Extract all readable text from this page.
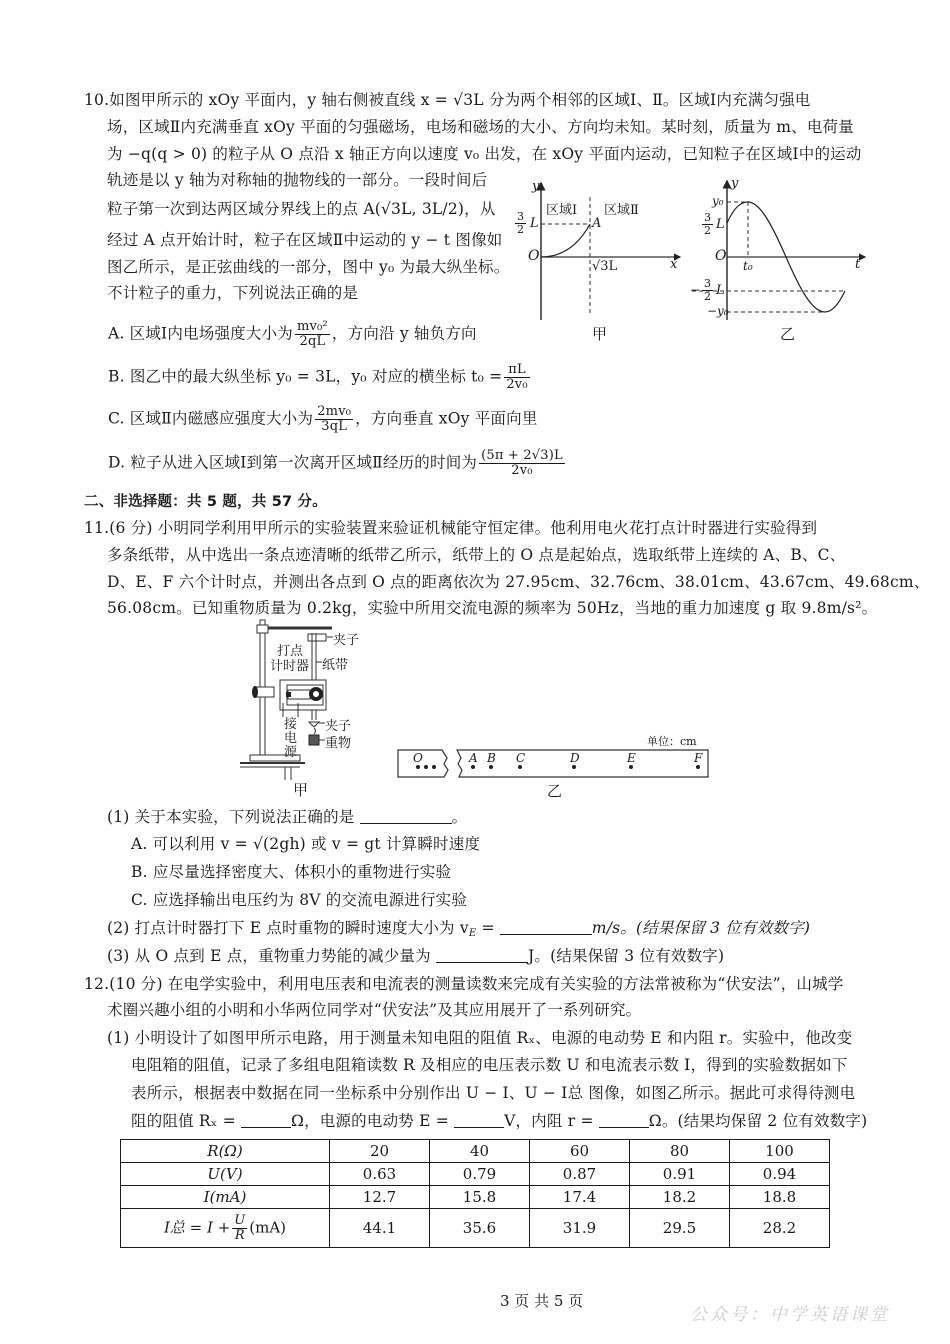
10.如图甲所示的 xOy 平面内，y 轴右侧被直线 x = √3L 分为两个相邻的区域Ⅰ、Ⅱ。区域Ⅰ内充满匀强电
场，区域Ⅱ内充满垂直 xOy 平面的匀强磁场，电场和磁场的大小、方向均未知。某时刻，质量为 m、电荷量
为 −q(q > 0) 的粒子从 O 点沿 x 轴正方向以速度 v₀ 出发，在 xOy 平面内运动，已知粒子在区域Ⅰ中的运动
轨迹是以 y 轴为对称轴的抛物线的一部分。一段时间后
粒子第一次到达两区域分界线上的点 A(√3L, 3L/2)，从
经过 A 点开始计时，粒子在区域Ⅱ中运动的 y − t 图像如
图乙所示，是正弦曲线的一部分，图中 y₀ 为最大纵坐标。
不计粒子的重力，下列说法正确的是
A. 区域Ⅰ内电场强度大小为 $\frac{\text{mv₀²}}{2qL}$ ，方向沿 y 轴负方向
B. 图乙中的最大纵坐标 y₀ = 3L，y₀ 对应的横坐标 $t_0 = \frac{\pi L}{\text{2v₀}}$
C. 区域Ⅱ内磁感应强度大小为 $\frac{\text{2mv₀}}{3qL}$ ，方向垂直 xOy 平面向里
D. 粒子从进入区域Ⅰ到第一次离开区域Ⅱ经历的时间为 $\frac{(5\pi + 2√3)L}{\text{2v₀}}$
y
x
O
区域Ⅰ 区域Ⅱ
A
$\frac{3}{2}$ L
√3L
甲
y
t
O
y₀
−y₀
t₀
$\frac{3}{2}$ L
− $\frac{3}{2}$ L
乙
二、非选择题：共 5 题，共 57 分。
11.(6 分) 小明同学利用甲所示的实验装置来验证机械能守恒定律。他利用电火花打点计时器进行实验得到
多条纸带，从中选出一条点迹清晰的纸带乙所示，纸带上的 O 点是起始点，选取纸带上连续的 A、B、C、
D、E、F 六个计时点，并测出各点到 O 点的距离依次为 27.95cm、32.76cm、38.01cm、43.67cm、49.68cm、
56.08cm。已知重物质量为 0.2kg，实验中所用交流电源的频率为 50Hz，当地的重力加速度 g 取 9.8m/s²。
夹子
打点
计时器 纸带
接
电
源
夹子
重物
甲
单位：cm
O	A B C	D	E	F
乙
(1) 关于本实验，下列说法正确的是	。
A. 可以利用 v = √(2gh) 或 v = gt 计算瞬时速度
B. 应尽量选择密度大、体积小的重物进行实验
C. 应选择输出电压约为 8V 的交流电源进行实验
(2) 打点计时器打下 E 点时重物的瞬时速度大小为 $v_E$ =	m/s。(结果保留 3 位有效数字)
(3) 从 O 点到 E 点，重物重力势能的减少量为	J。(结果保留 3 位有效数字)
12.(10 分) 在电学实验中，利用电压表和电流表的测量读数来完成有关实验的方法常被称为“伏安法”，山城学
术圈兴趣小组的小明和小华两位同学对“伏安法”及其应用展开了一系列研究。
(1) 小明设计了如图甲所示电路，用于测量未知电阻的阻值 Rₓ、电源的电动势 E 和内阻 r。实验中，他改变
电阻箱的阻值，记录了多组电阻箱读数 R 及相应的电压表示数 U 和电流表示数 I，得到的实验数据如下
表所示，根据表中数据在同一坐标系中分别作出 U − I、U − I总 图像，如图乙所示。据此可求得待测电
阻的阻值 Rₓ =	Ω，电源的电动势 E =	V，内阻 r =	Ω。(结果均保留 2 位有效数字)
R(Ω)	20	40	60	80	100
U(V)	0.63	0.79	0.87	0.91	0.94
I(mA)	12.7	15.8	17.4	18.2	18.8
I总 = $I + \frac{U}{R} (mA)$	44.1	35.6	31.9	29.5	28.2
3 页 共 5 页
公众号：中学英语课堂
